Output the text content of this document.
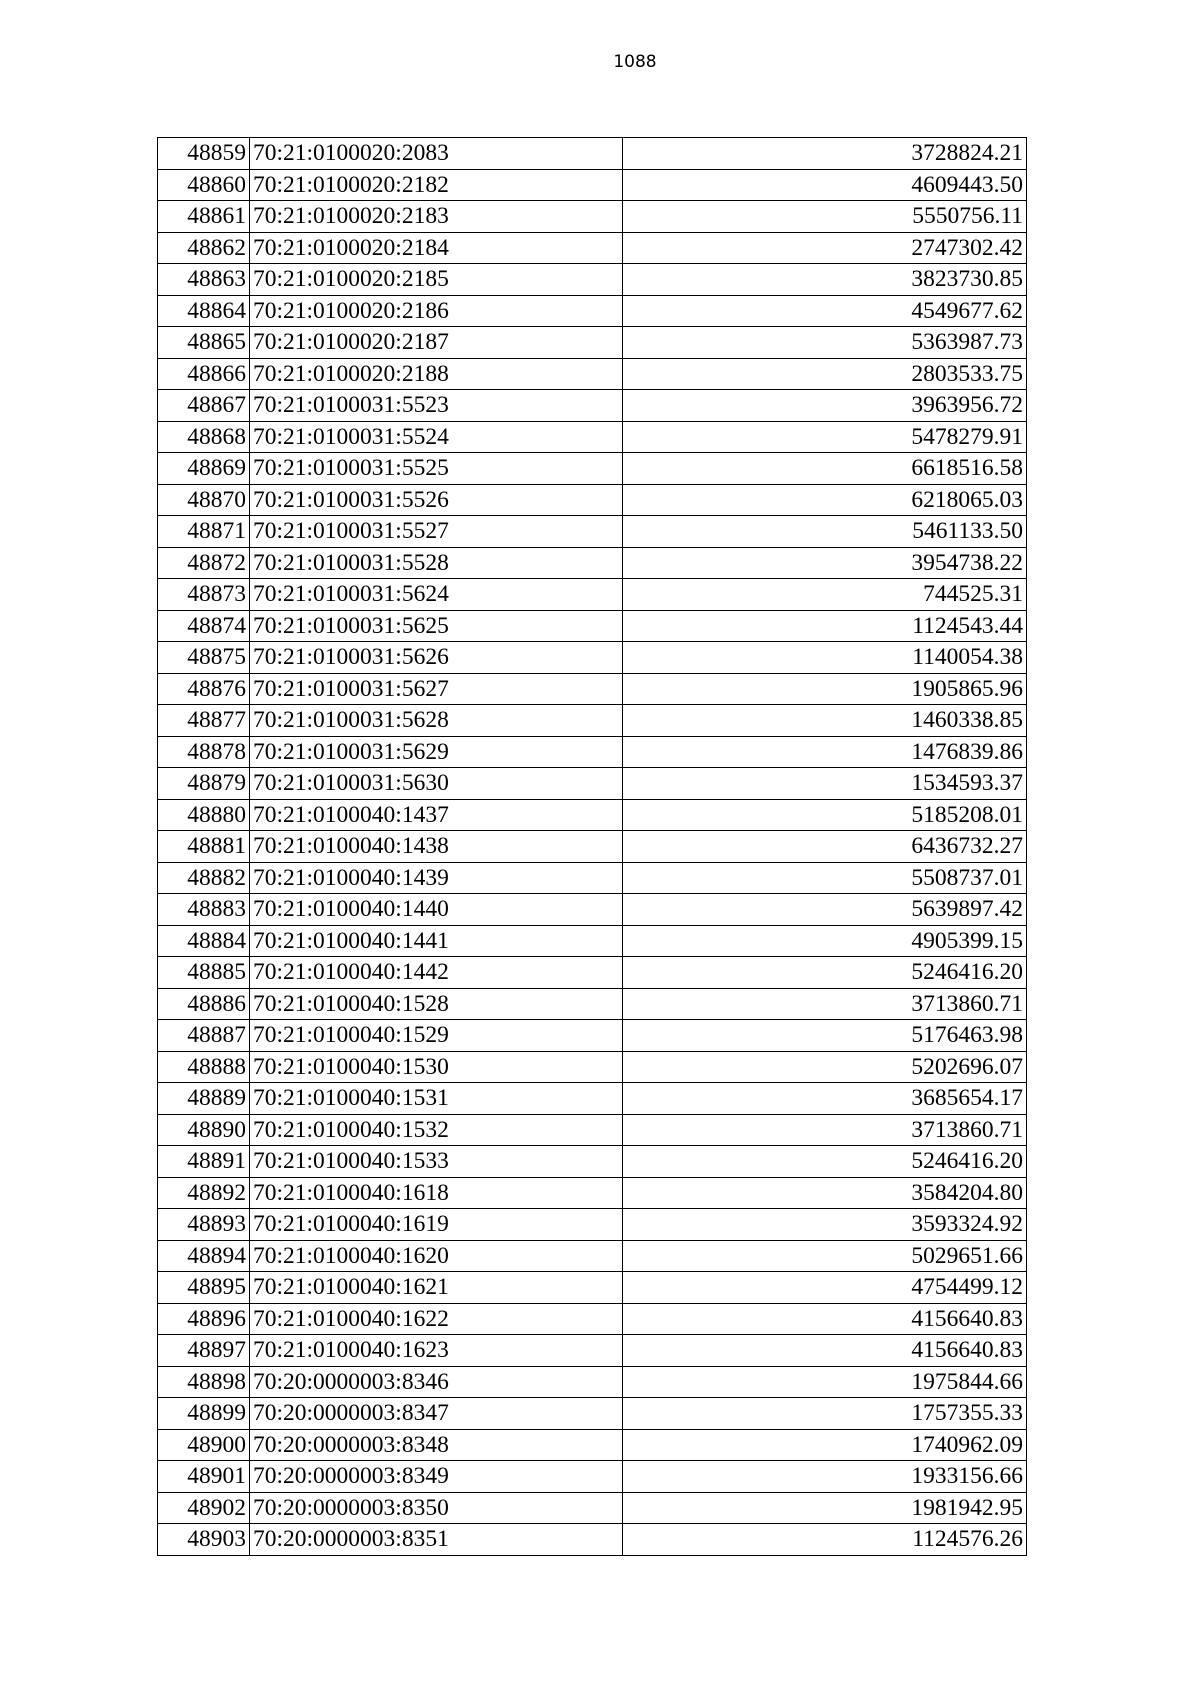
1088
48859	70:21:0100020:2083	3728824.21
48860	70:21:0100020:2182	4609443.50
48861	70:21:0100020:2183	5550756.11
48862	70:21:0100020:2184	2747302.42
48863	70:21:0100020:2185	3823730.85
48864	70:21:0100020:2186	4549677.62
48865	70:21:0100020:2187	5363987.73
48866	70:21:0100020:2188	2803533.75
48867	70:21:0100031:5523	3963956.72
48868	70:21:0100031:5524	5478279.91
48869	70:21:0100031:5525	6618516.58
48870	70:21:0100031:5526	6218065.03
48871	70:21:0100031:5527	5461133.50
48872	70:21:0100031:5528	3954738.22
48873	70:21:0100031:5624	744525.31
48874	70:21:0100031:5625	1124543.44
48875	70:21:0100031:5626	1140054.38
48876	70:21:0100031:5627	1905865.96
48877	70:21:0100031:5628	1460338.85
48878	70:21:0100031:5629	1476839.86
48879	70:21:0100031:5630	1534593.37
48880	70:21:0100040:1437	5185208.01
48881	70:21:0100040:1438	6436732.27
48882	70:21:0100040:1439	5508737.01
48883	70:21:0100040:1440	5639897.42
48884	70:21:0100040:1441	4905399.15
48885	70:21:0100040:1442	5246416.20
48886	70:21:0100040:1528	3713860.71
48887	70:21:0100040:1529	5176463.98
48888	70:21:0100040:1530	5202696.07
48889	70:21:0100040:1531	3685654.17
48890	70:21:0100040:1532	3713860.71
48891	70:21:0100040:1533	5246416.20
48892	70:21:0100040:1618	3584204.80
48893	70:21:0100040:1619	3593324.92
48894	70:21:0100040:1620	5029651.66
48895	70:21:0100040:1621	4754499.12
48896	70:21:0100040:1622	4156640.83
48897	70:21:0100040:1623	4156640.83
48898	70:20:0000003:8346	1975844.66
48899	70:20:0000003:8347	1757355.33
48900	70:20:0000003:8348	1740962.09
48901	70:20:0000003:8349	1933156.66
48902	70:20:0000003:8350	1981942.95
48903	70:20:0000003:8351	1124576.26
